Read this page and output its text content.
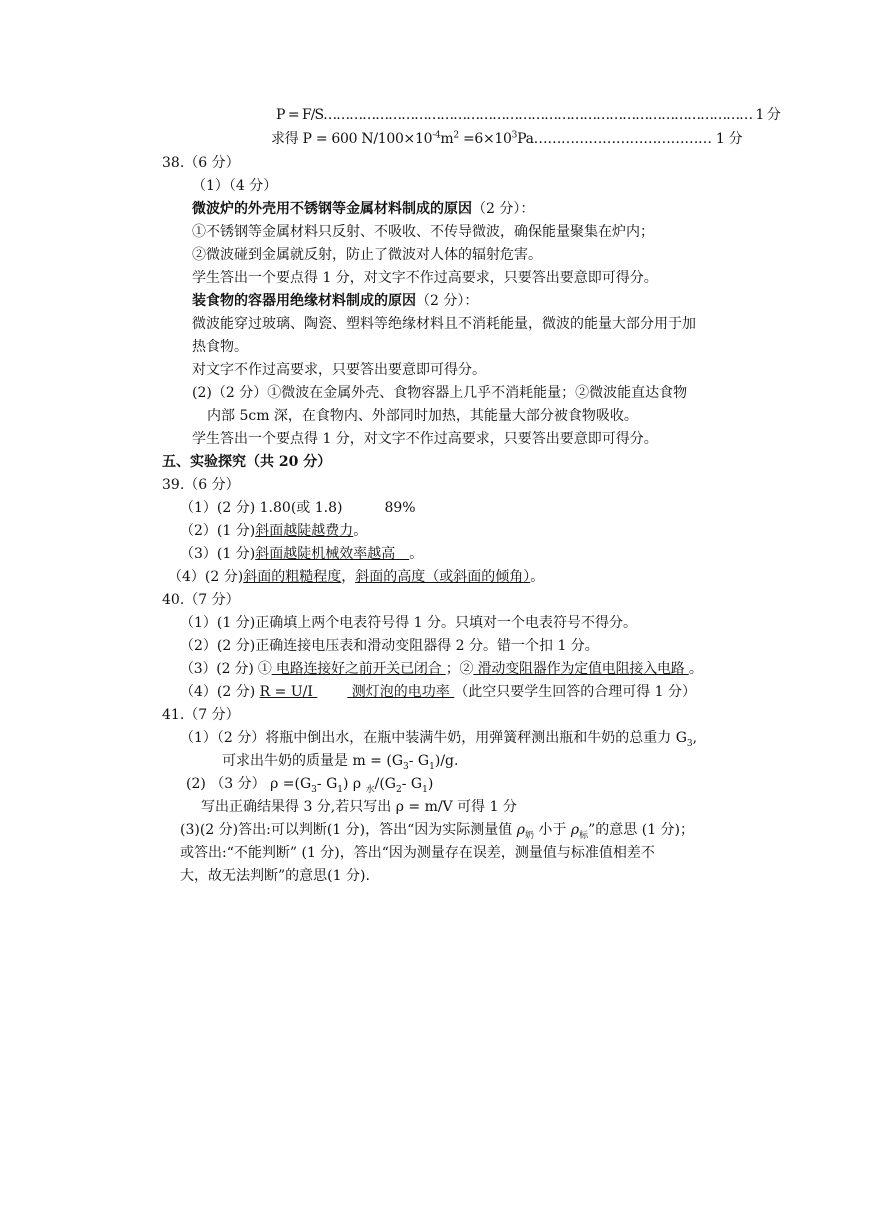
P = F/S……………………………………………………………………………………… 1 分
求得 P = 600 $N/100\times 10^{-4}m^2$ $=6\times 10^3Pa\dots\dots\dots\dots\dots\dots\dots\dots\dots\dots\dots\dots\dots$ 1 分
38.（6 分）
（1）（4 分）
微波炉的外壳用不锈钢等金属材料制成的原因（2 分）：
①不锈钢等金属材料只反射、不吸收、不传导微波，确保能量聚集在炉内；
②微波碰到金属就反射，防止了微波对人体的辐射危害。
学生答出一个要点得 1 分，对文字不作过高要求，只要答出要意即可得分。
装食物的容器用绝缘材料制成的原因（2 分）：
微波能穿过玻璃、陶瓷、塑料等绝缘材料且不消耗能量，微波的能量大部分用于加
热食物。
对文字不作过高要求，只要答出要意即可得分。
(2)（2 分）①微波在金属外壳、食物容器上几乎不消耗能量；②微波能直达食物
内部 5cm 深，在食物内、外部同时加热，其能量大部分被食物吸收。
学生答出一个要点得 1 分，对文字不作过高要求，只要答出要意即可得分。
五、实验探究（共 20 分）
39.（6 分）
（1）(2 分) 1.80(或 1.8)	89%
（2）(1 分)斜面越陡越费力。
（3）(1 分)斜面越陡机械效率越高　。
（4）(2 分)斜面的粗糙程度，斜面的高度（或斜面的倾角）。
40.（7 分）
（1）(1 分)正确填上两个电表符号得 1 分。只填对一个电表符号不得分。
（2）(2 分)正确连接电压表和滑动变阻器得 2 分。错一个扣 1 分。
（3）(2 分) ① 电路连接好之前开关已闭合 ；② 滑动变阻器作为定值电阻接入电路 。
（4）(2 分) R = U/I  测灯泡的电功率 （此空只要学生回答的合理可得 1 分）
41.（7 分）
（1）（2 分）将瓶中倒出水，在瓶中装满牛奶，用弹簧秤测出瓶和牛奶的总重力 $G_3$,
可求出牛奶的质量是 $m = (G_3-$ $G_1)/g$.
(2) （3 分） $\rho =(G_3-$ $G_1$) ρ $_水/(G_2-$ $G_1$)
写出正确结果得 3 分,若只写出 ρ = m/V 可得 1 分
(3)(2 分)答出:可以判断(1 分)，答出“因为实际测量值 $\rho_奶$ 小于 $\rho_标$”的意思 (1 分)；
或答出:“不能判断” (1 分)，答出“因为测量存在误差，测量值与标准值相差不
大，故无法判断”的意思(1 分).
